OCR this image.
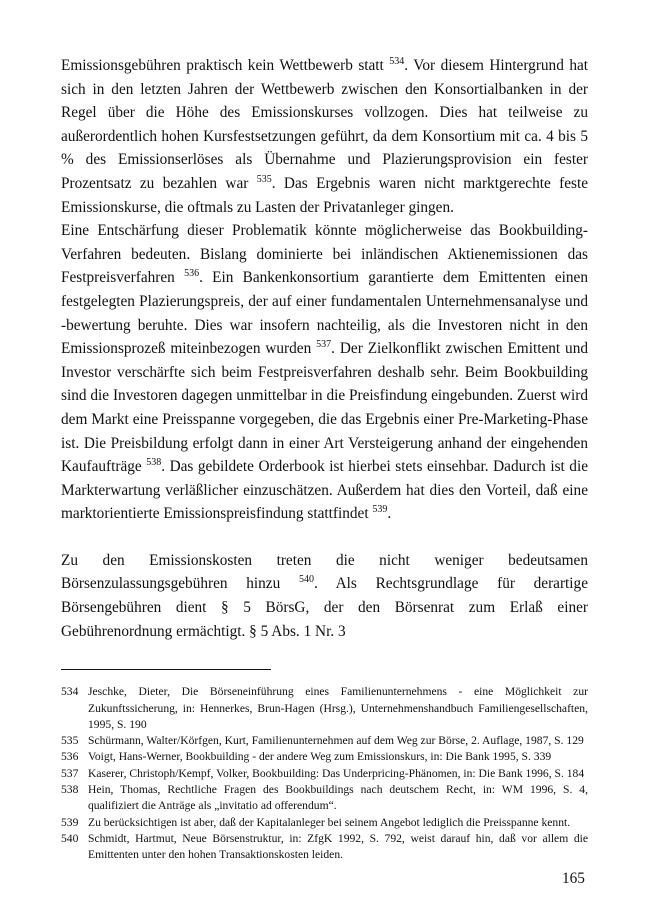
Emissionsgebühren praktisch kein Wettbewerb statt $^{534}$. Vor diesem Hintergrund hat sich in den letzten Jahren der Wettbewerb zwischen den Konsortialbanken in der Regel über die Höhe des Emissionskurses vollzogen. Dies hat teilweise zu außerordentlich hohen Kursfestsetzungen geführt, da dem Konsortium mit ca. 4 bis 5 % des Emissionserlöses als Übernahme und Plazierungsprovision ein fester Prozentsatz zu bezahlen war $^{535}$. Das Ergebnis waren nicht marktgerechte feste Emissionskurse, die oftmals zu Lasten der Privatanleger gingen.

Eine Entschärfung dieser Problematik könnte möglicherweise das Bookbuilding-Verfahren bedeuten. Bislang dominierte bei inländischen Aktienemissionen das Festpreisverfahren $^{536}$. Ein Bankenkonsortium garantierte dem Emittenten einen festgelegten Plazierungspreis, der auf einer fundamentalen Unternehmensanalyse und -bewertung beruhte. Dies war insofern nachteilig, als die Investoren nicht in den Emissionsprozeß miteinbezogen wurden $^{537}$. Der Zielkonflikt zwischen Emittent und Investor verschärfte sich beim Festpreisverfahren deshalb sehr. Beim Bookbuilding sind die Investoren dagegen unmittelbar in die Preisfindung eingebunden. Zuerst wird dem Markt eine Preisspanne vorgegeben, die das Ergebnis einer Pre-Marketing-Phase ist. Die Preisbildung erfolgt dann in einer Art Versteigerung anhand der eingehenden Kaufaufträge $^{538}$. Das gebildete Orderbook ist hierbei stets einsehbar. Dadurch ist die Markterwartung verläßlicher einzuschätzen. Außerdem hat dies den Vorteil, daß eine marktorientierte Emissionspreisfindung stattfindet $^{539}$.

Zu den Emissionskosten treten die nicht weniger bedeutsamen Börsenzulassungsgebühren hinzu $^{540}$. Als Rechtsgrundlage für derartige Börsengebühren dient § 5 BörsG, der den Börsenrat zum Erlaß einer Gebührenordnung ermächtigt. § 5 Abs. 1 Nr. 3

534 Jeschke, Dieter, Die Börseneinführung eines Familienunternehmens - eine Möglichkeit zur Zukunftssicherung, in: Hennerkes, Brun-Hagen (Hrsg.), Unternehmenshandbuch Familiengesellschaften, 1995, S. 190
535 Schürmann, Walter/Körfgen, Kurt, Familienunternehmen auf dem Weg zur Börse, 2. Auflage, 1987, S. 129
536 Voigt, Hans-Werner, Bookbuilding - der andere Weg zum Emissionskurs, in: Die Bank 1995, S. 339
537 Kaserer, Christoph/Kempf, Volker, Bookbuilding: Das Underpricing-Phänomen, in: Die Bank 1996, S. 184
538 Hein, Thomas, Rechtliche Fragen des Bookbuildings nach deutschem Recht, in: WM 1996, S. 4, qualifiziert die Anträge als „invitatio ad offerendum“.
539 Zu berücksichtigen ist aber, daß der Kapitalanleger bei seinem Angebot lediglich die Preisspanne kennt.
540 Schmidt, Hartmut, Neue Börsenstruktur, in: ZfgK 1992, S. 792, weist darauf hin, daß vor allem die Emittenten unter den hohen Transaktionskosten leiden.
165
